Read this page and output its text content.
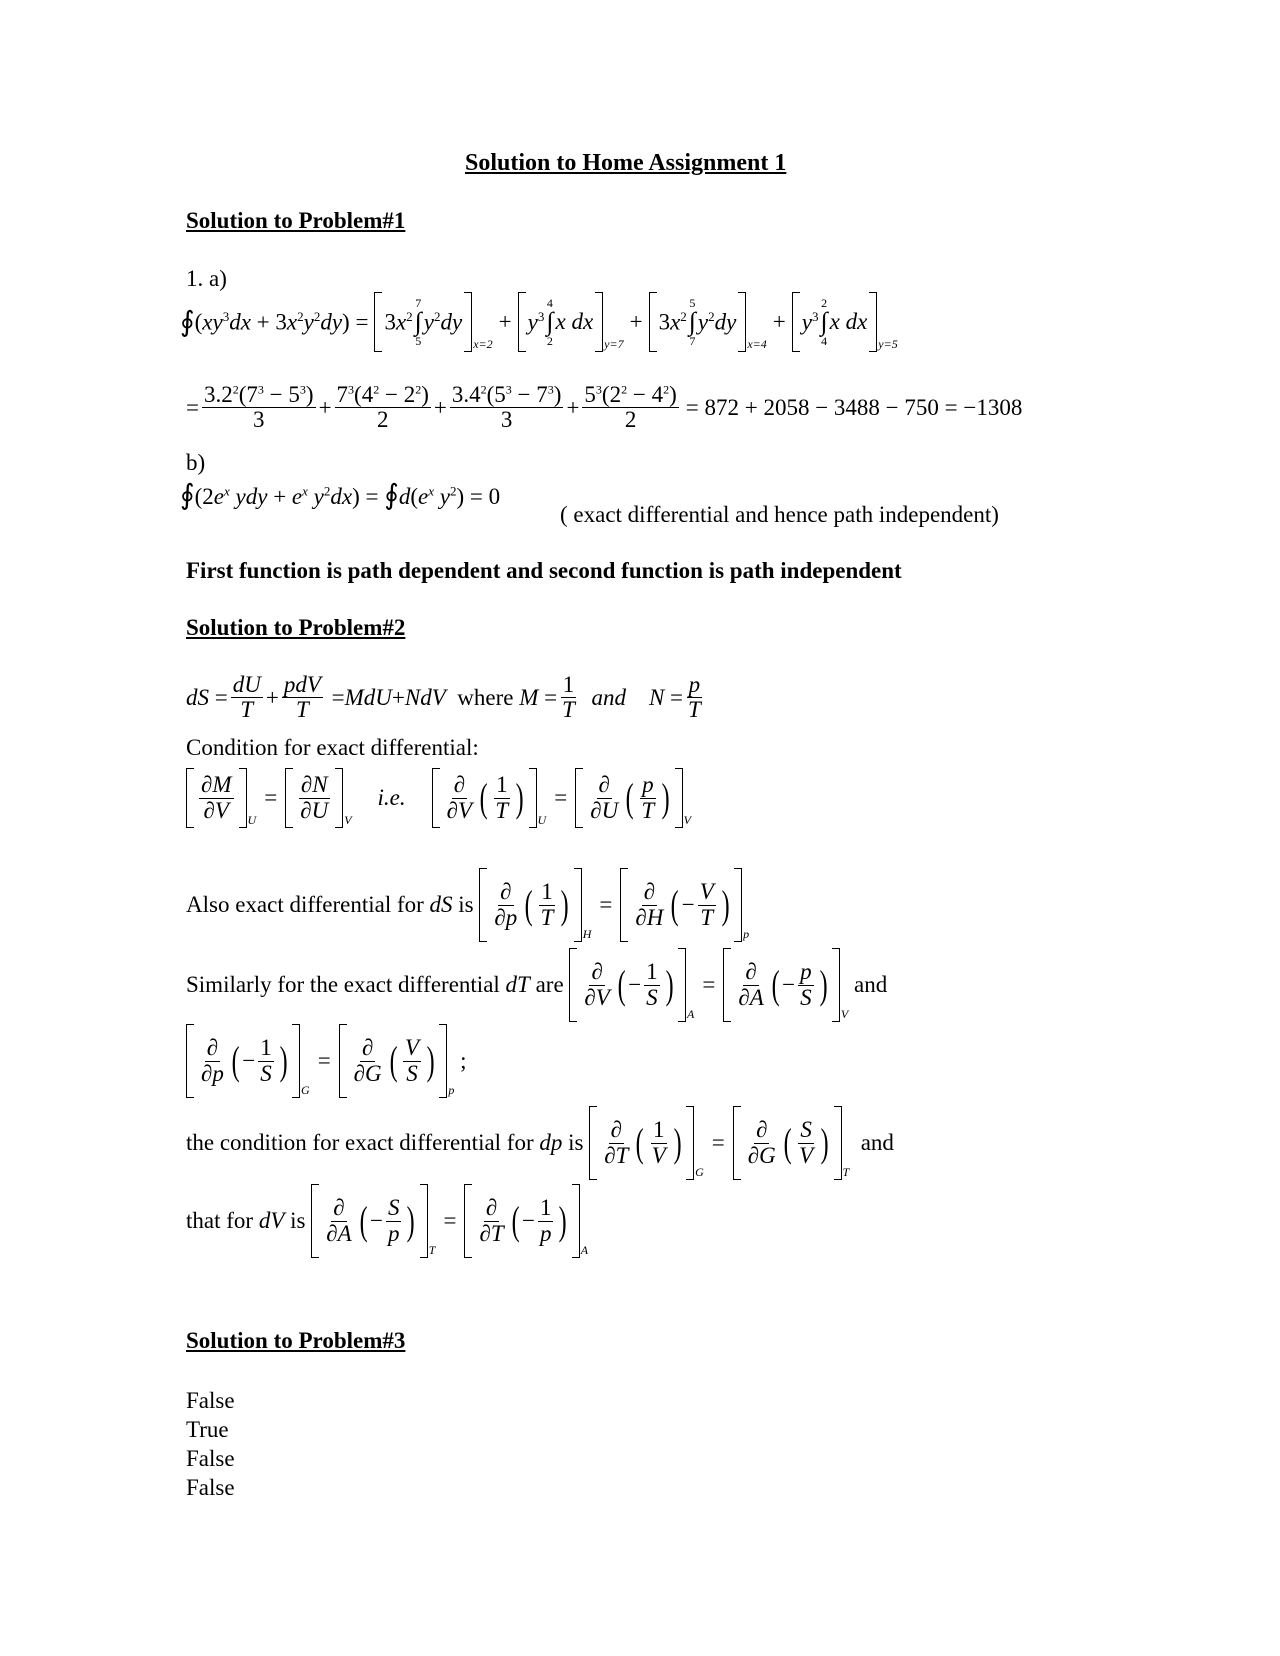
Solution to Home Assignment 1
Solution to Problem#1
1. a)
∮ $(xy^3dx + 3x^2y^2dy) = 3x^2$
7
∫
5
$y^2dy$
x=2
+ $y^3$
4
∫
2
x dx
y=7
+ $3x^2$
5
∫
7
$y^2dy$
x=4
+ $y^3$
2
∫
4
x dx
y=5
= $\frac{3.2^2(7^3 - 5^3)}{3} + \frac{7^3(4^2 - 2^2)}{2} + \frac{3.4^2(5^3 - 7^3)}{3} + \frac{5^3(2^2 - 4^2)}{2} = 872 + 2058 - 3488 - 750 = -1308$
b)
$∮(2e^x$ ydy + $e^x$ $y^2dx$) = $∮d(e^x$ $y^2) = 0$
( exact differential and hence path independent)
First function is path dependent and second function is path independent
Solution to Problem#2
dS = $\frac{dU}{T} + \frac{\text{pdV}}{T}$ = MdU + NdV
where
$M = \frac{1}{T}$
and
$N = \frac{p}{T}$
Condition for exact differential:
$\frac{\partial M}{\partial V}$ U
= $\frac{\partial N}{\partial U}$ V
i.e. $\frac{\partial}{\partial V}$ ( $\frac{1}{T}$ ) U
= $\frac{\partial}{\partial U}$ ( $\frac{p}{T}$ ) V
Also exact differential for
dS
is
$\frac{\partial}{\partial p}$ ( $\frac{1}{T}$ )
H
= $\frac{\partial}{\partial H}$ ( − $\frac{V}{T}$ )
p
Similarly for the exact differential
dT
are
$\frac{\partial}{\partial V}$ ( − $\frac{1}{S}$ )
A
= $\frac{\partial}{\partial A}$ ( − $\frac{p}{S}$ )
V

and
$\frac{\partial}{\partial p}$ ( − $\frac{1}{S}$ )
G
= $\frac{\partial}{\partial G}$ ( $\frac{V}{S}$ )
p

;
the condition for exact differential for
dp
is
$\frac{\partial}{\partial T}$ ( $\frac{1}{V}$ )
G
= $\frac{\partial}{\partial G}$ ( $\frac{S}{V}$ )
T

and
that for
dV
is
$\frac{\partial}{\partial A}$ ( − $\frac{S}{p}$ )
T
= $\frac{\partial}{\partial T}$ ( − $\frac{1}{p}$ )
A
Solution to Problem#3
False
True
False
False
